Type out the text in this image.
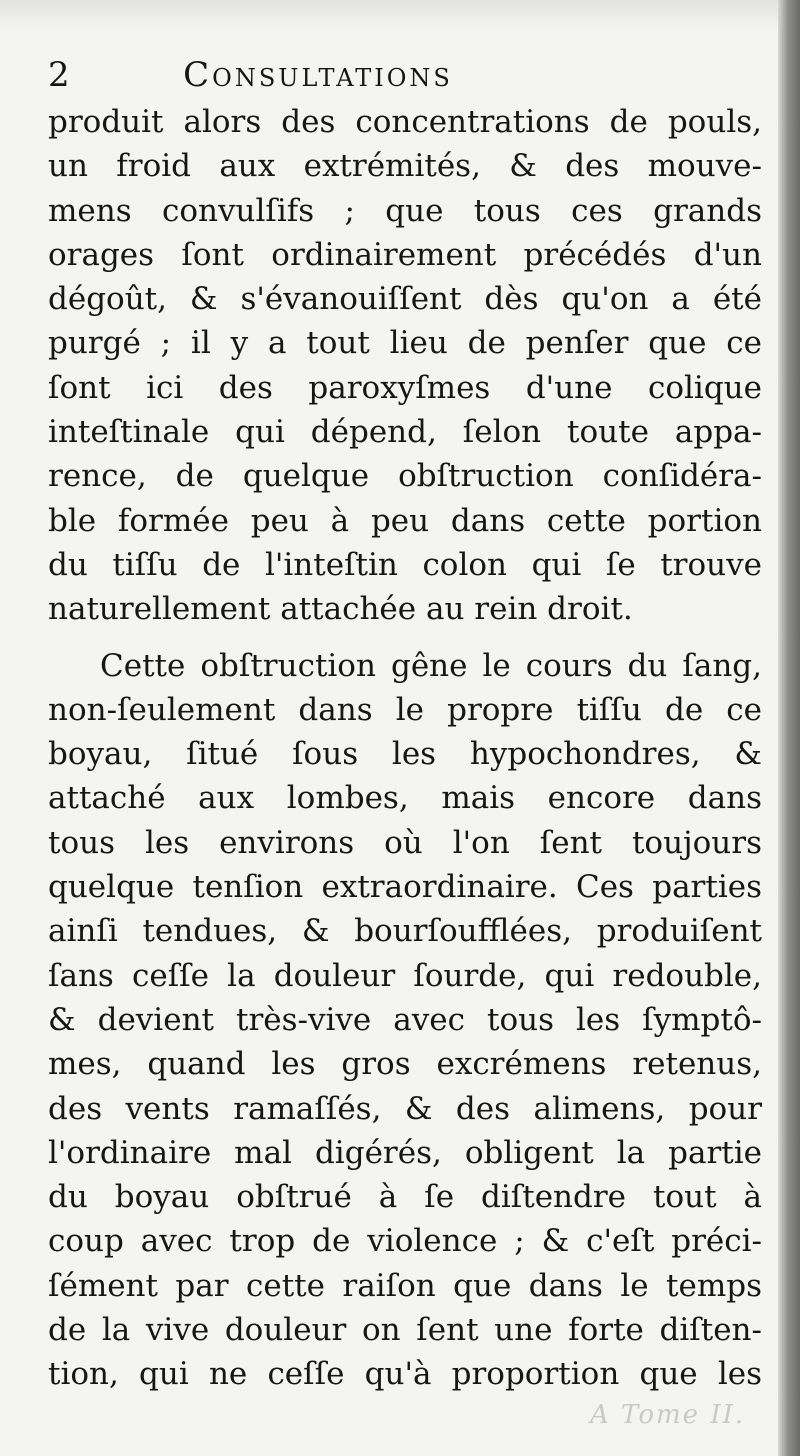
2	Consultations
produit alors des concentrations de pouls,
un froid aux extrémités, & des mouve-
mens convulſifs ; que tous ces grands
orages ſont ordinairement précédés d'un
dégoût, & s'évanouiſſent dès qu'on a été
purgé ; il y a tout lieu de penſer que ce
ſont ici des paroxyſmes d'une colique
inteſtinale qui dépend, ſelon toute appa-
rence, de quelque obſtruction conſidéra-
ble formée peu à peu dans cette portion
du tiſſu de l'inteſtin colon qui ſe trouve
naturellement attachée au rein droit.
Cette obſtruction gêne le cours du ſang,
non-ſeulement dans le propre tiſſu de ce
boyau, ſitué ſous les hypochondres, &
attaché aux lombes, mais encore dans
tous les environs où l'on ſent toujours
quelque tenſion extraordinaire. Ces parties
ainſi tendues, & bourſoufflées, produiſent
ſans ceſſe la douleur ſourde, qui redouble,
& devient très-vive avec tous les ſymptô-
mes, quand les gros excrémens retenus,
des vents ramaſſés, & des alimens, pour
l'ordinaire mal digérés, obligent la partie
du boyau obſtrué à ſe diſtendre tout à
coup avec trop de violence ; & c'eſt préci-
ſément par cette raiſon que dans le temps
de la vive douleur on ſent une forte diſten-
tion, qui ne ceſſe qu'à proportion que les
A Tome II.
